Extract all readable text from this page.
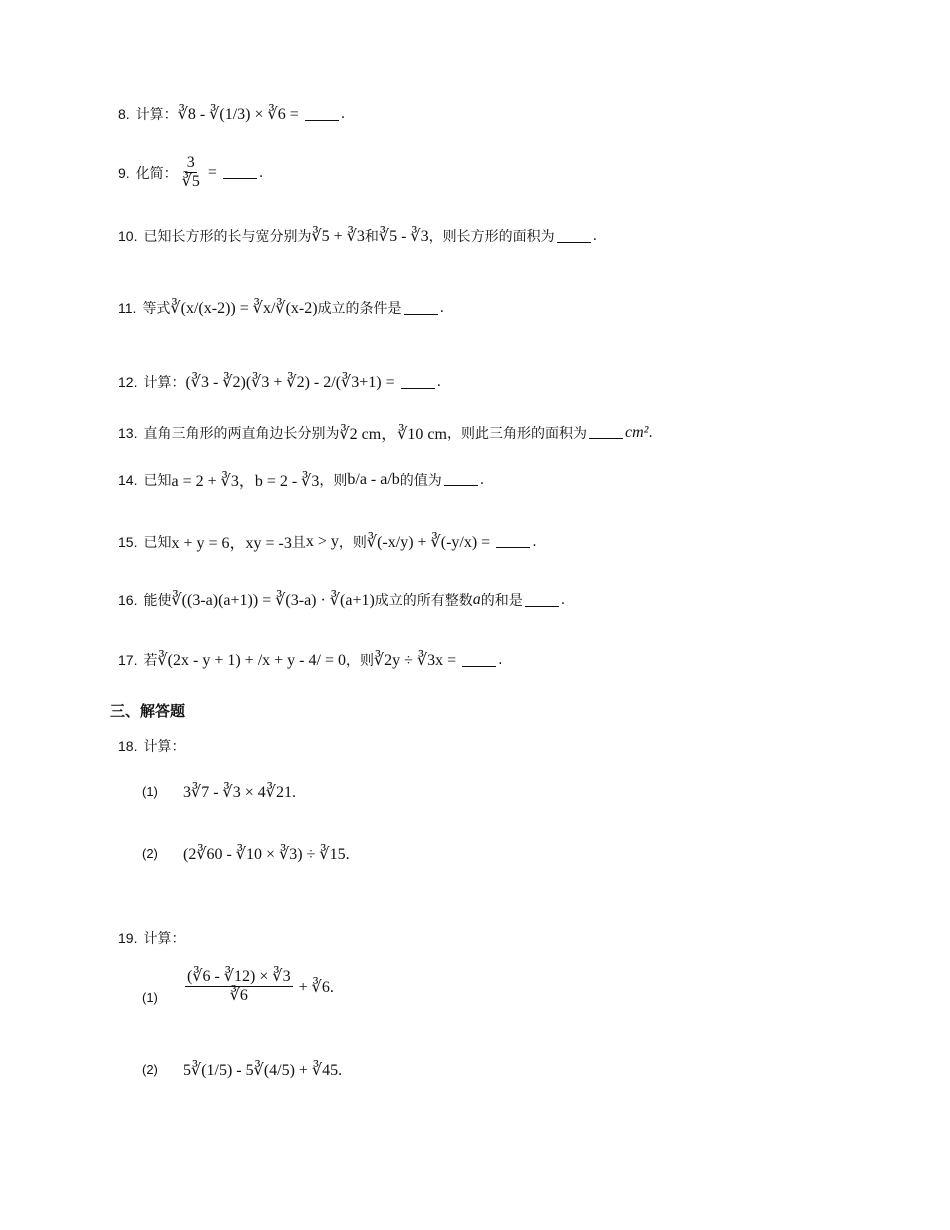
8. 计算： ∛8 - ∛(1/3) × ∛6 =	.
9. 化简： $\frac{3}{∛5}$ =	.
10. 已知长方形的长与宽分别为 ∛5 + ∛3 和 ∛5 - ∛3 ，则长方形的面积为	.
11. 等式 ∛(x/(x-2)) = ∛x/∛(x-2) 成立的条件是	.
12. 计算： (∛3 - ∛2)(∛3 + ∛2) - 2/(∛3+1) =	.
13. 直角三角形的两直角边长分别为 ∛2 cm，∛10 cm ，则此三角形的面积为 cm² .
14. 已知 a = 2 + ∛3，b = 2 - ∛3 ，则 b/a - a/b 的值为	.
15. 已知 x + y = 6，xy = -3 且 x > y ，则 ∛(-x/y) + ∛(-y/x) =	.
16. 能使 ∛((3-a)(a+1)) = ∛(3-a) · ∛(a+1) 成立的所有整数 a 的和是	.
17. 若 ∛(2x - y + 1) + /x + y - 4/ = 0 ，则 ∛2y ÷ ∛3x =	.
三、解答题
18. 计算：
(1) 3∛7 - ∛3 × 4∛21.
(2) (2∛60 - ∛10 × ∛3) ÷ ∛15.
19. 计算：
$(1) \frac{(∛6 - ∛12) \times ∛3}{∛6}$ + ∛6.
(2) 5∛(1/5) - 5∛(4/5) + ∛45.
